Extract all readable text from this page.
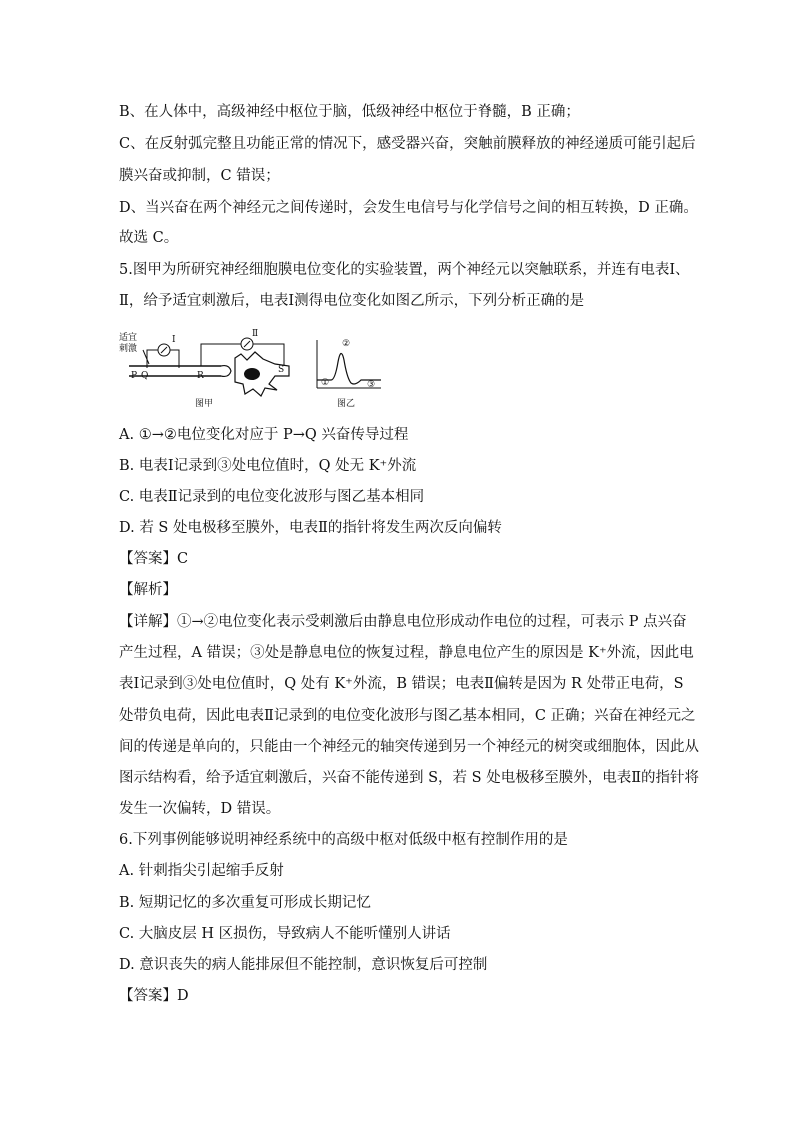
B、在人体中，高级神经中枢位于脑，低级神经中枢位于脊髓，B 正确；
C、在反射弧完整且功能正常的情况下，感受器兴奋，突触前膜释放的神经递质可能引起后
膜兴奋或抑制，C 错误；
D、当兴奋在两个神经元之间传递时，会发生电信号与化学信号之间的相互转换，D 正确。
故选 C。
5.图甲为所研究神经细胞膜电位变化的实验装置，两个神经元以突触联系，并连有电表Ⅰ、
Ⅱ，给予适宜刺激后，电表Ⅰ测得电位变化如图乙所示，下列分析正确的是
适宜
刺激
Ⅰ
Ⅱ
P Q	R
S
图甲
②
①	③
图乙
A. ①→②电位变化对应于 P→Q 兴奋传导过程
B. 电表Ⅰ记录到③处电位值时，Q 处无 K⁺外流
C. 电表Ⅱ记录到的电位变化波形与图乙基本相同
D. 若 S 处电极移至膜外，电表Ⅱ的指针将发生两次反向偏转
【答案】C
【解析】
【详解】①→②电位变化表示受刺激后由静息电位形成动作电位的过程，可表示 P 点兴奋
产生过程，A 错误；③处是静息电位的恢复过程，静息电位产生的原因是 K⁺外流，因此电
表Ⅰ记录到③处电位值时，Q 处有 K⁺外流，B 错误；电表Ⅱ偏转是因为 R 处带正电荷，S
处带负电荷，因此电表Ⅱ记录到的电位变化波形与图乙基本相同，C 正确；兴奋在神经元之
间的传递是单向的，只能由一个神经元的轴突传递到另一个神经元的树突或细胞体，因此从
图示结构看，给予适宜刺激后，兴奋不能传递到 S，若 S 处电极移至膜外，电表Ⅱ的指针将
发生一次偏转，D 错误。
6.下列事例能够说明神经系统中的高级中枢对低级中枢有控制作用的是
A. 针刺指尖引起缩手反射
B. 短期记忆的多次重复可形成长期记忆
C. 大脑皮层 H 区损伤，导致病人不能听懂别人讲话
D. 意识丧失的病人能排尿但不能控制，意识恢复后可控制
【答案】D
